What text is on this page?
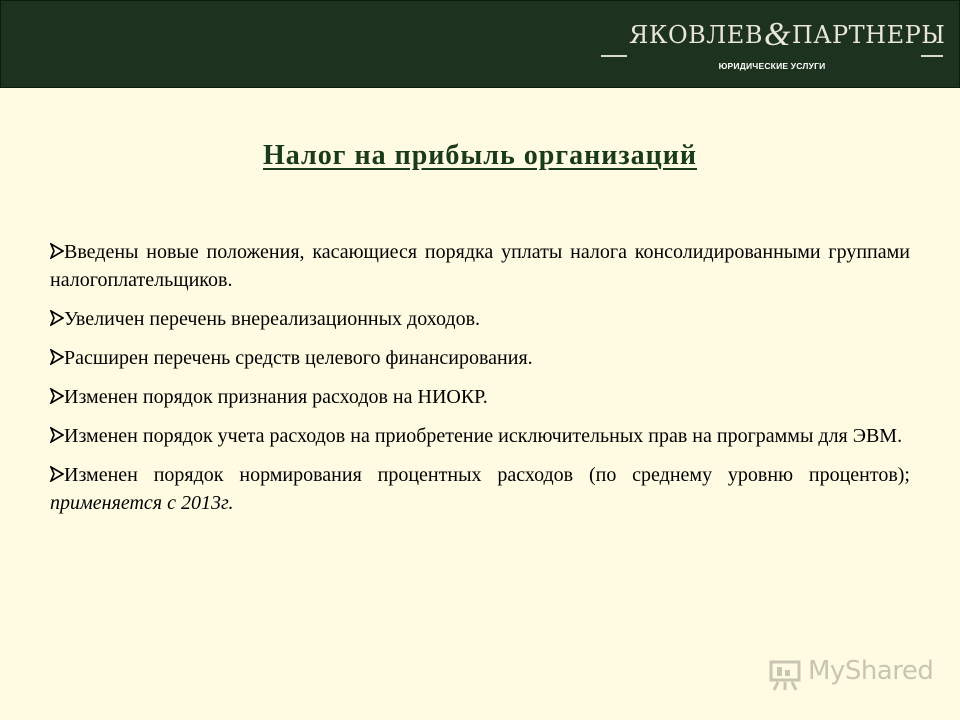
ЯКОВЛЕВ&ПАРТНЕРЫ
ЮРИДИЧЕСКИЕ УСЛУГИ
Налог на прибыль организаций
Введены новые положения, касающиеся порядка уплаты налога консолидированными группами налогоплательщиков.
Увеличен перечень внереализационных доходов.
Расширен перечень средств целевого финансирования.
Изменен порядок признания расходов на НИОКР.
Изменен порядок учета расходов на приобретение исключительных прав на программы для ЭВМ.
Изменен порядок нормирования процентных расходов (по среднему уровню процентов); применяется с 2013г.
MyShared
